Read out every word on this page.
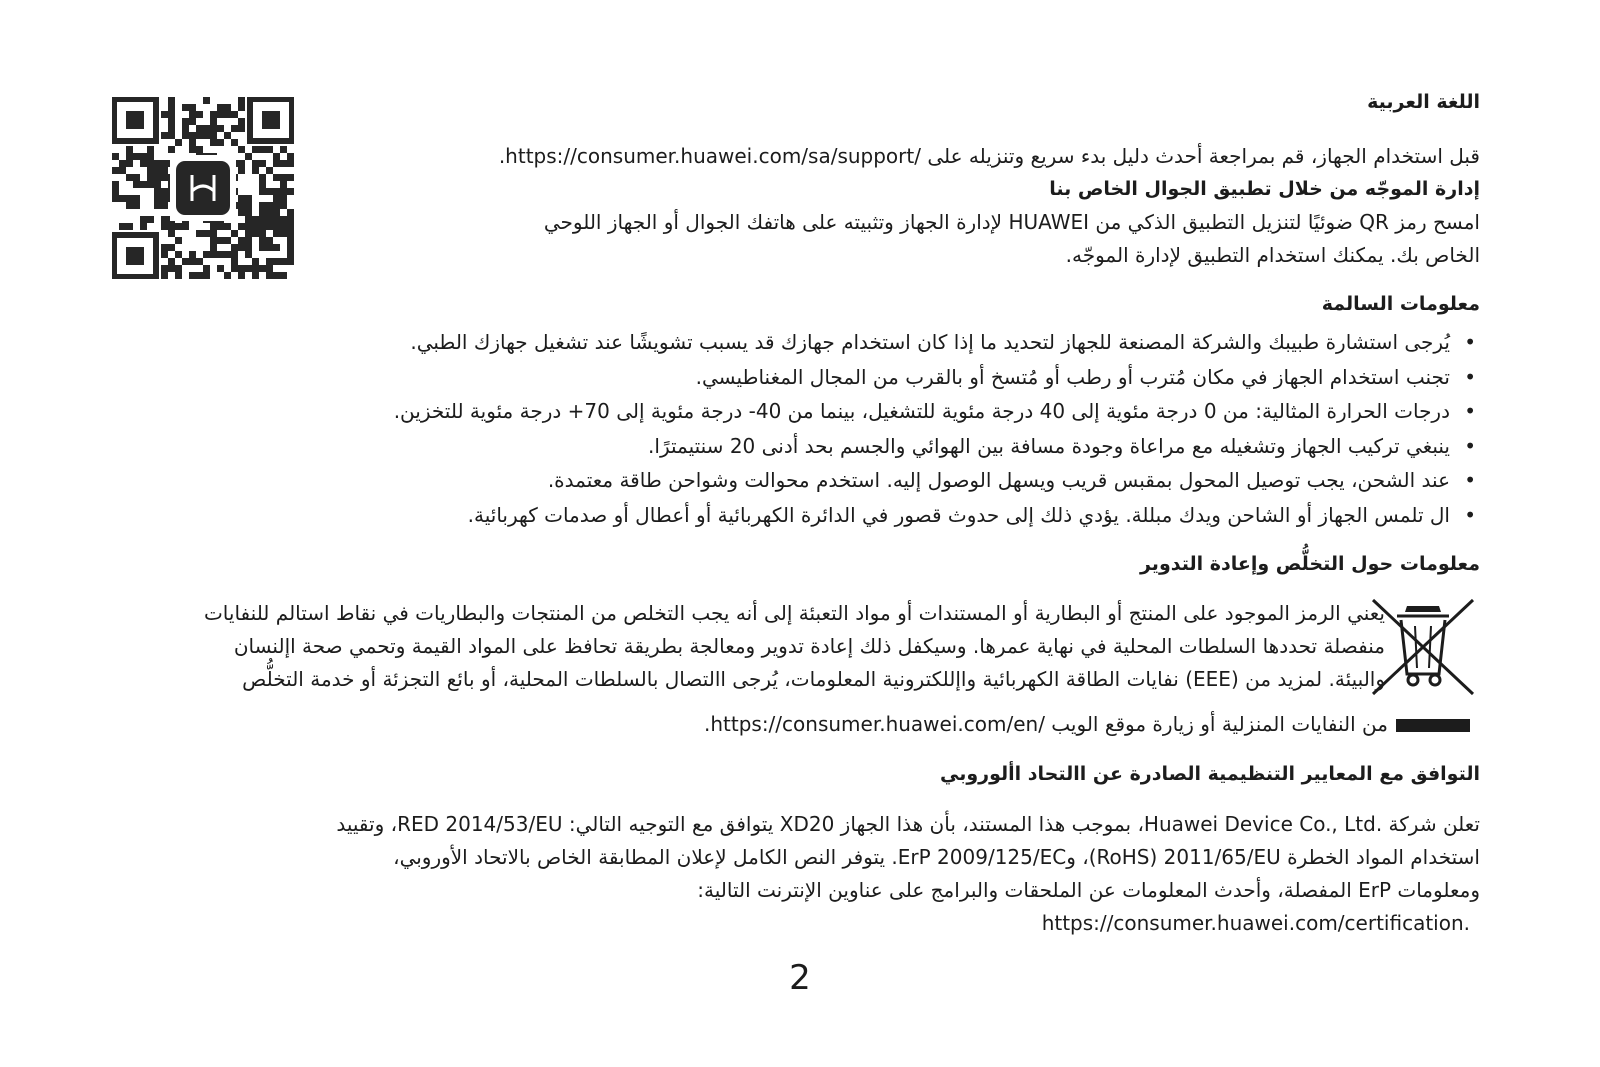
اللغة العربية
قبل استخدام الجهاز، قم بمراجعة أحدث دليل بدء سريع وتنزيله على /https://consumer.huawei.com/sa/support.
إدارة الموجّه من خلال تطبيق الجوال الخاص بنا
امسح رمز QR ضوئيًا لتنزيل التطبيق الذكي من HUAWEI لإدارة الجهاز وتثبيته على هاتفك الجوال أو الجهاز اللوحي
الخاص بك. يمكنك استخدام التطبيق لإدارة الموجّه.
معلومات السالمة
• يُرجى استشارة طبيبك والشركة المصنعة للجهاز لتحديد ما إذا كان استخدام جهازك قد يسبب تشويشًا عند تشغيل جهازك الطبي.
• تجنب استخدام الجهاز في مكان مُترب أو رطب أو مُتسخ أو بالقرب من المجال المغناطيسي.
• درجات الحرارة المثالية: من 0 درجة مئوية إلى 40 درجة مئوية للتشغيل، بينما من 40- درجة مئوية إلى 70+ درجة مئوية للتخزين.
• ينبغي تركيب الجهاز وتشغيله مع مراعاة وجودة مسافة بين الهوائي والجسم بحد أدنى 20 سنتيمترًا.
• عند الشحن، يجب توصيل المحول بمقبس قريب ويسهل الوصول إليه. استخدم محوالت وشواحن طاقة معتمدة.
• ال تلمس الجهاز أو الشاحن ويدك مبللة. يؤدي ذلك إلى حدوث قصور في الدائرة الكهربائية أو أعطال أو صدمات كهربائية.
معلومات حول التخلُّص وإعادة التدوير
يعني الرمز الموجود على المنتج أو البطارية أو المستندات أو مواد التعبئة إلى أنه يجب التخلص من المنتجات والبطاريات في نقاط استالم للنفايات
منفصلة تحددها السلطات المحلية في نهاية عمرها. وسيكفل ذلك إعادة تدوير ومعالجة بطريقة تحافظ على المواد القيمة وتحمي صحة اإلنسان
والبيئة. لمزيد من (EEE) نفايات الطاقة الكهربائية واإللكترونية المعلومات، يُرجى االتصال بالسلطات المحلية، أو بائع التجزئة أو خدمة التخلُّص
من النفايات المنزلية أو زيارة موقع الويب /https://consumer.huawei.com/en.
التوافق مع المعايير التنظيمية الصادرة عن االتحاد األوروبي
تعلن شركة .Huawei Device Co., Ltd، بموجب هذا المستند، بأن هذا الجهاز XD20 يتوافق مع التوجيه التالي: RED 2014/53/EU، وتقييد
استخدام المواد الخطرة RoHS) 2011/65/EU)، وErP 2009/125/EC. يتوفر النص الكامل لإعلان المطابقة الخاص بالاتحاد الأوروبي،
ومعلومات ErP المفصلة، وأحدث المعلومات عن الملحقات والبرامج على عناوين الإنترنت التالية:
.https://consumer.huawei.com/certification
2
